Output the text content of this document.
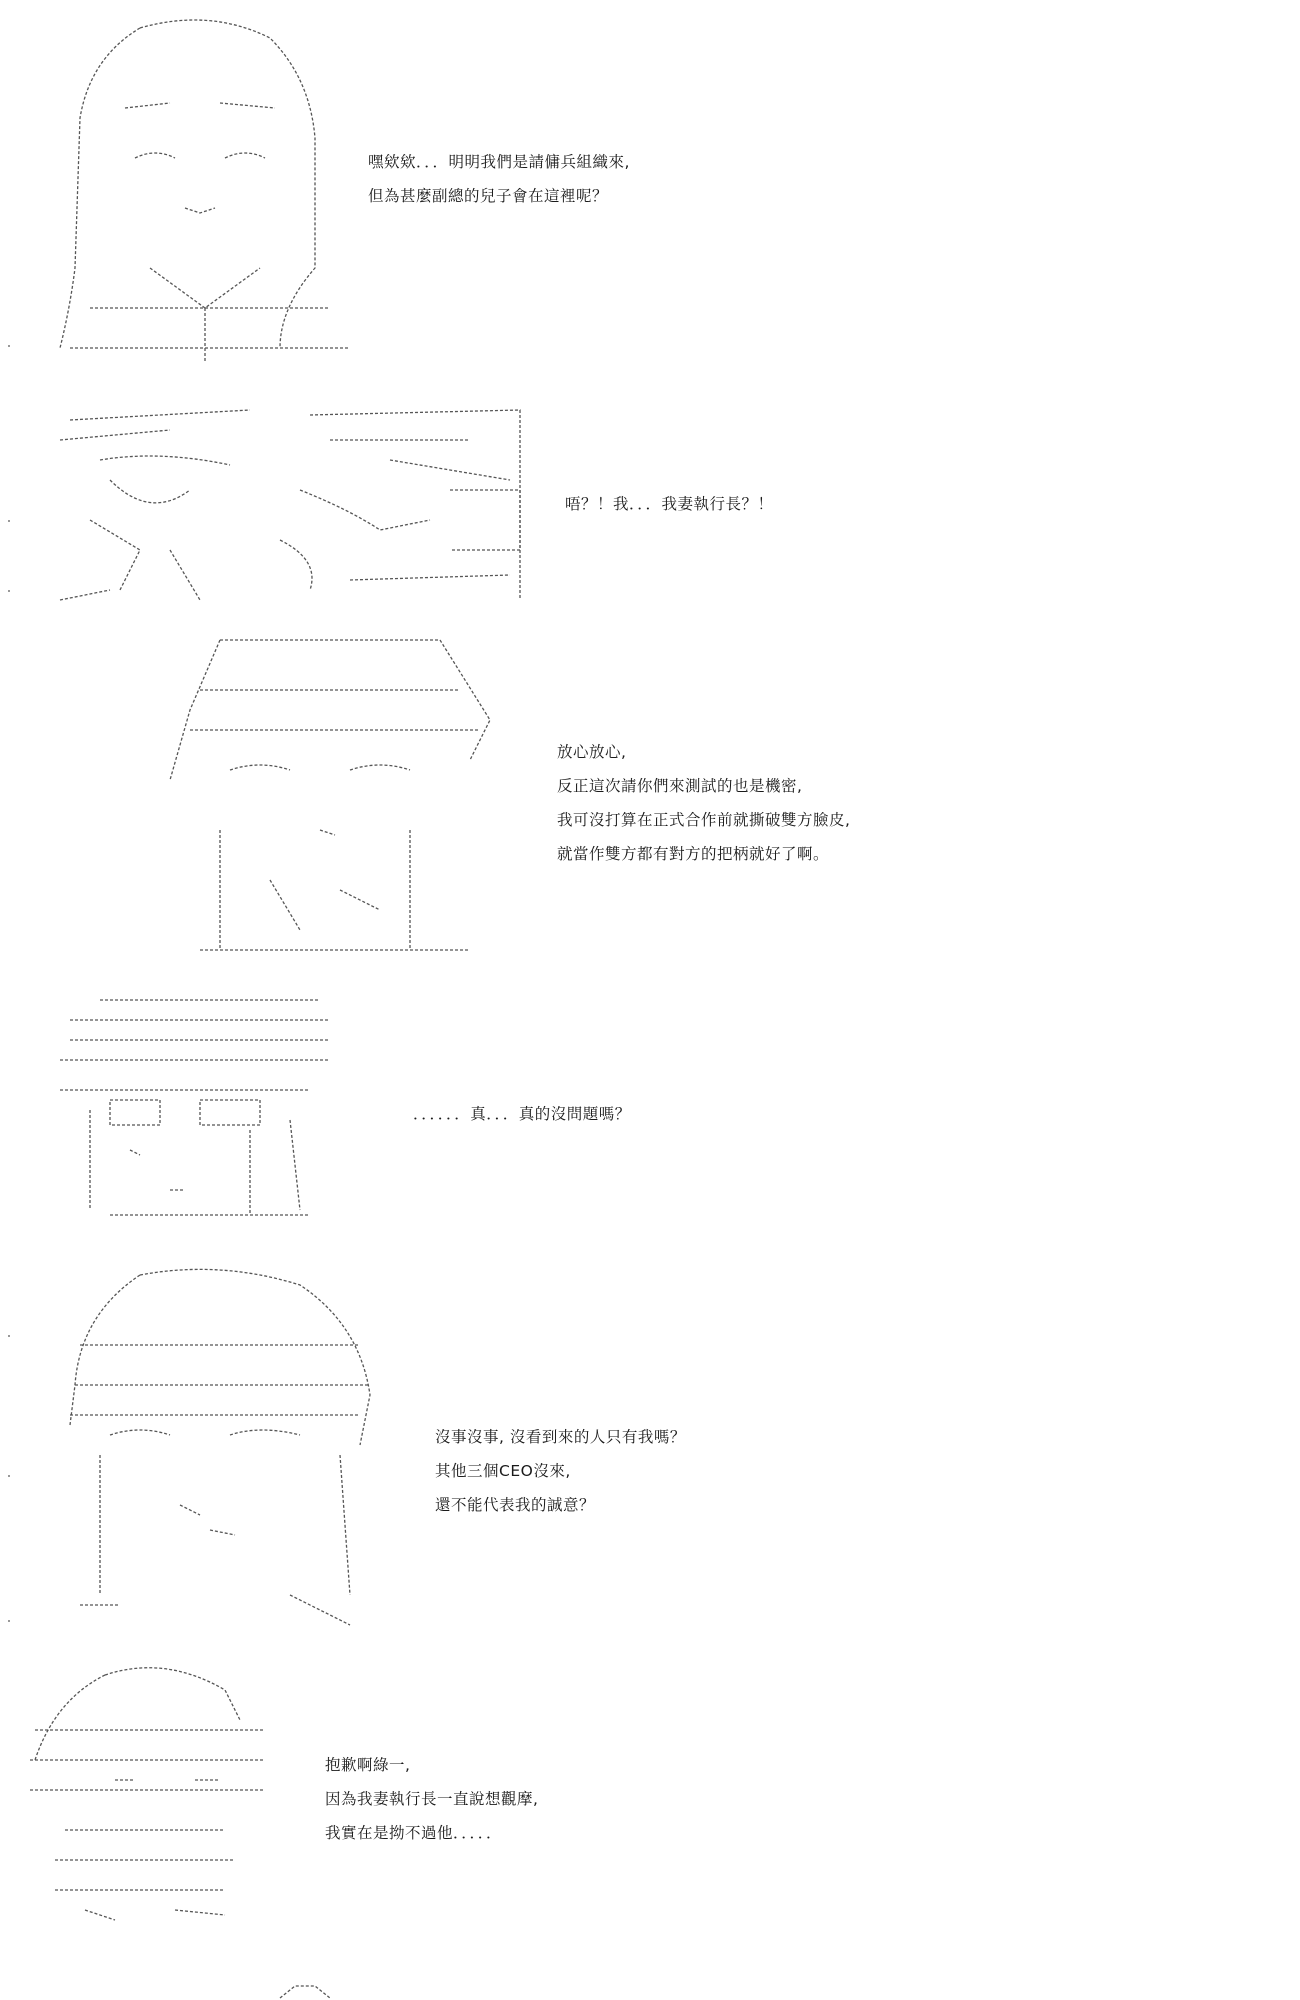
嘿欸欸．．．明明我們是請傭兵組織來,
但為甚麼副總的兒子會在這裡呢？
唔？！我．．．我妻執行長？！
放心放心,
反正這次請你們來測試的也是機密,
我可沒打算在正式合作前就撕破雙方臉皮,
就當作雙方都有對方的把柄就好了啊。
．．．．．．真．．．真的沒問題嗎？
沒事沒事, 沒看到來的人只有我嗎？
其他三個CEO沒來,
還不能代表我的誠意？
抱歉啊綠一,
因為我妻執行長一直說想觀摩,
我實在是拗不過他．．．．．
